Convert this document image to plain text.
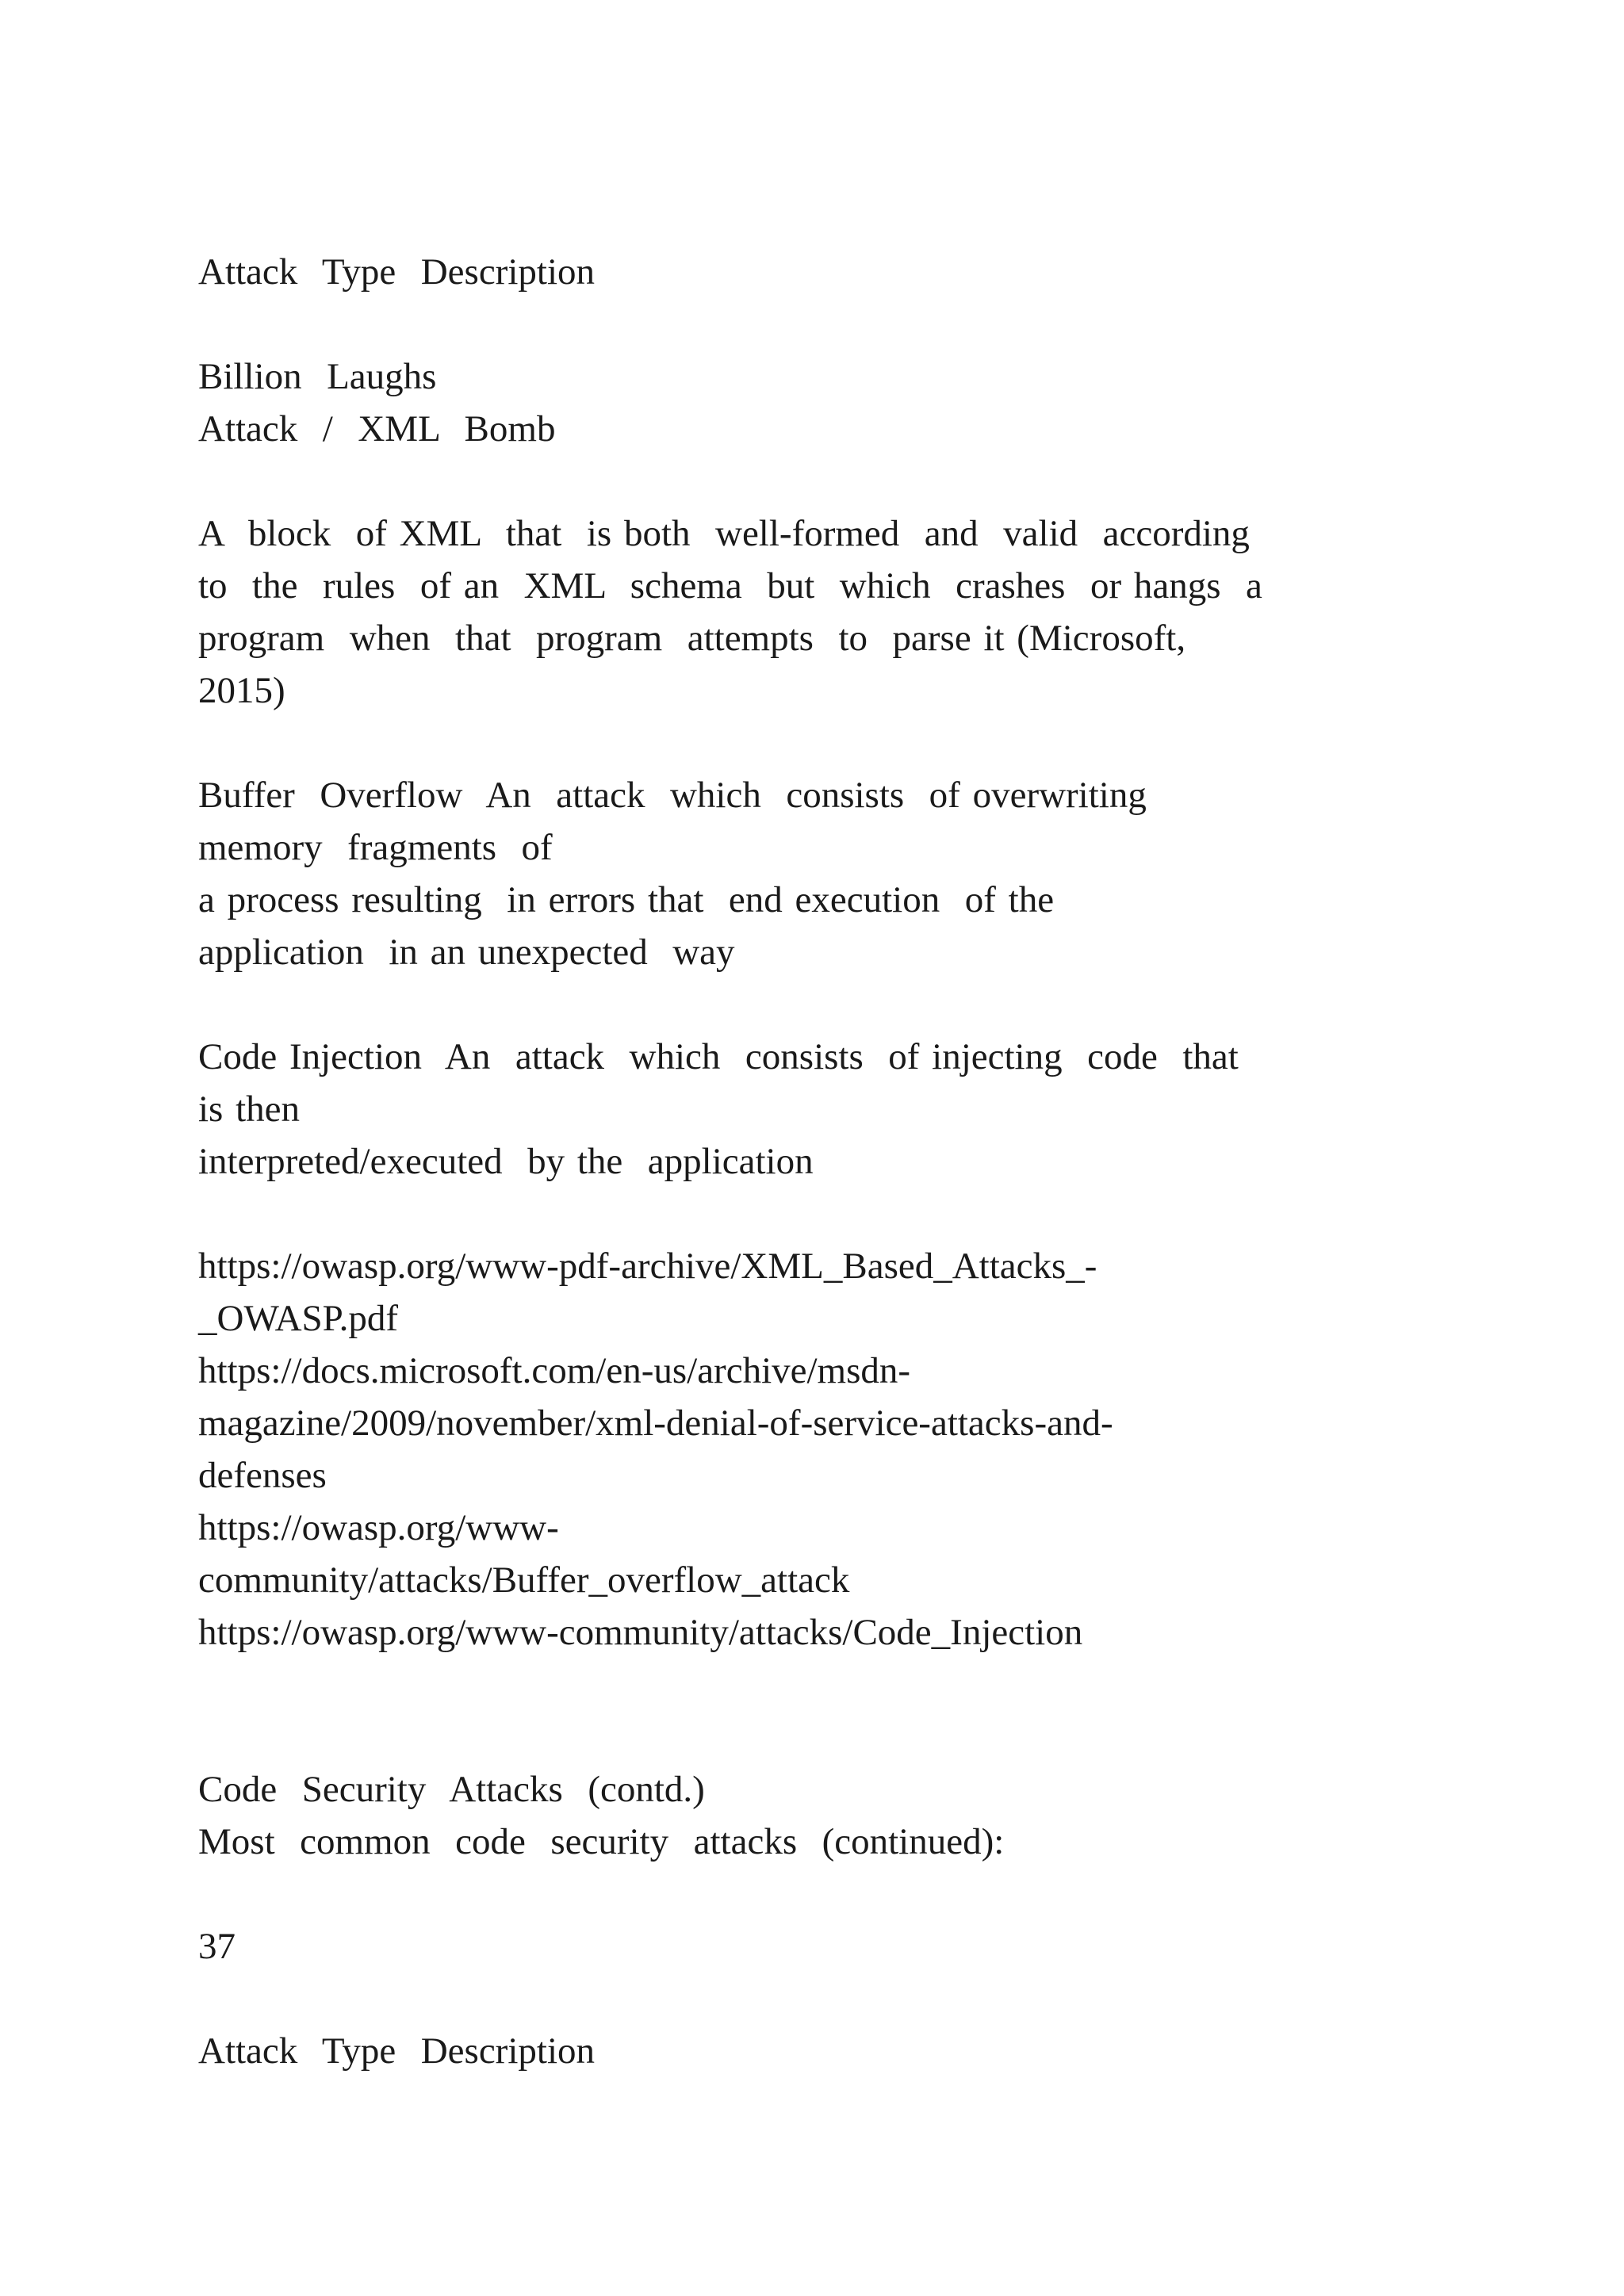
Attack  Type  Description
Billion  Laughs
Attack  /  XML  Bomb
A  block  of XML  that  is both  well-formed  and  valid  according
to  the  rules  of an  XML  schema  but  which  crashes  or hangs  a
program  when  that  program  attempts  to  parse it (Microsoft,
2015)
Buffer  Overflow  An  attack  which  consists  of overwriting
memory  fragments  of
a process resulting  in errors that  end execution  of the
application  in an unexpected  way
Code Injection  An  attack  which  consists  of injecting  code  that
is then
interpreted/executed  by the  application
https://owasp.org/www-pdf-archive/XML_Based_Attacks_-
_OWASP.pdf
https://docs.microsoft.com/en-us/archive/msdn-
magazine/2009/november/xml-denial-of-service-attacks-and-
defenses
https://owasp.org/www-
community/attacks/Buffer_overflow_attack
https://owasp.org/www-community/attacks/Code_Injection
Code  Security  Attacks  (contd.)
Most  common  code  security  attacks  (continued):
37
Attack  Type  Description
